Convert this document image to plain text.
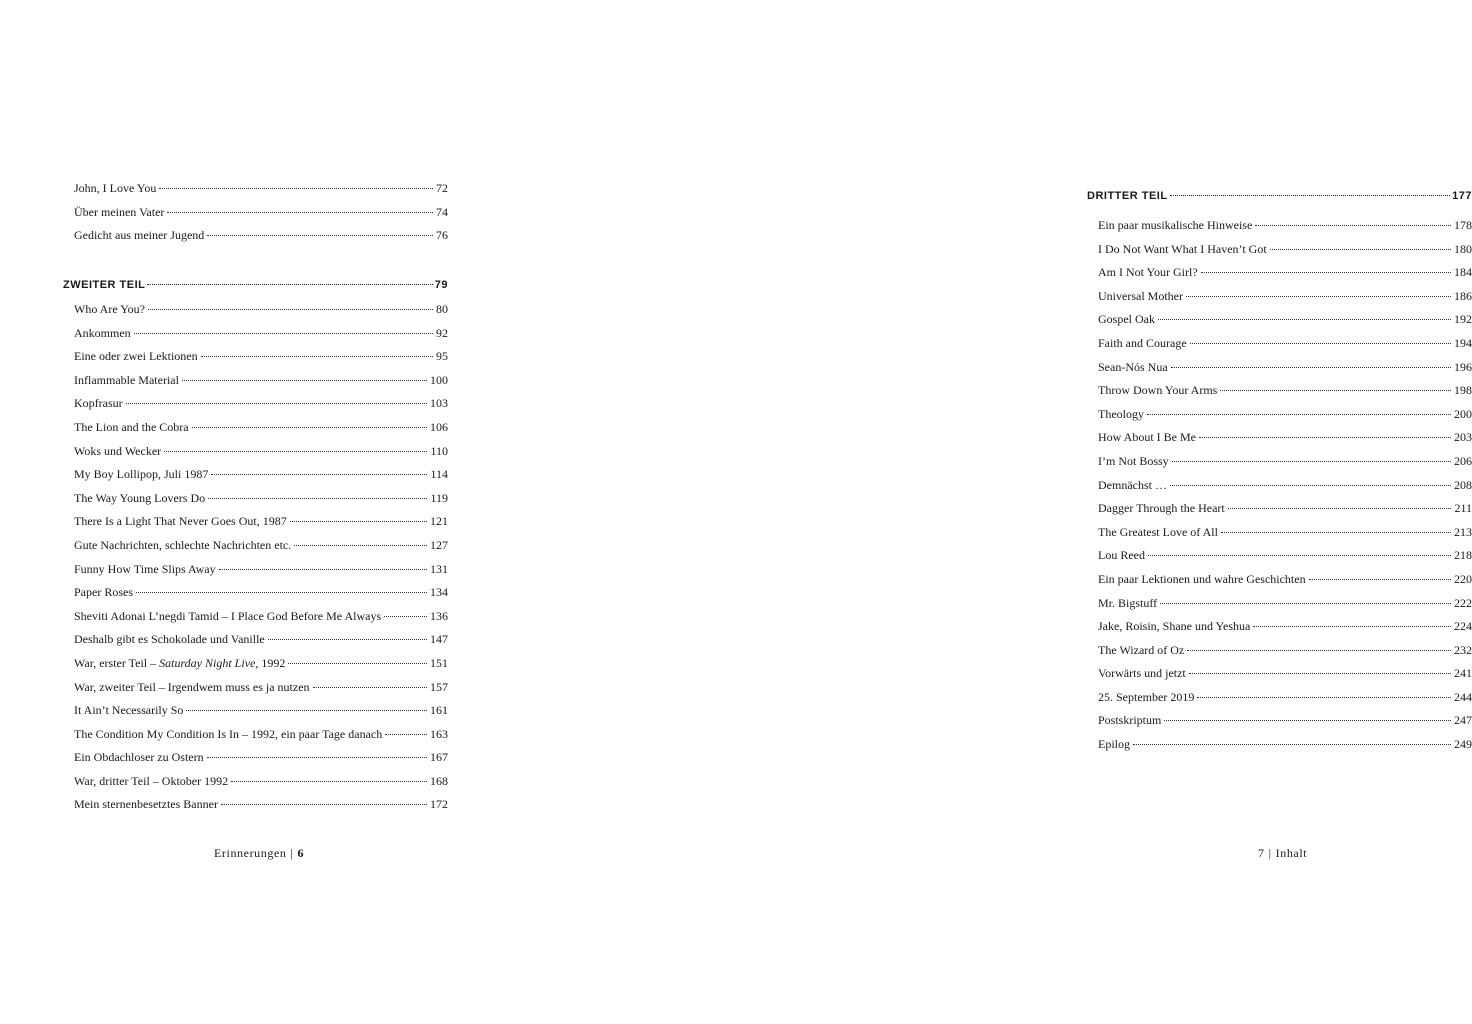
John, I Love You	72
Über meinen Vater	74
Gedicht aus meiner Jugend	76
ZWEITER TEIL	79
Who Are You?	80
Ankommen	92
Eine oder zwei Lektionen	95
Inflammable Material	100
Kopfrasur	103
The Lion and the Cobra	106
Woks und Wecker	110
My Boy Lollipop, Juli 1987	114
The Way Young Lovers Do	119
There Is a Light That Never Goes Out, 1987	121
Gute Nachrichten, schlechte Nachrichten etc.	127
Funny How Time Slips Away	131
Paper Roses	134
Sheviti Adonai L’negdi Tamid – I Place God Before Me Always	136
Deshalb gibt es Schokolade und Vanille	147
War, erster Teil – Saturday Night Live, 1992	151
War, zweiter Teil – Irgendwem muss es ja nutzen	157
It Ain’t Necessarily So	161
The Condition My Condition Is In – 1992, ein paar Tage danach	163
Ein Obdachloser zu Ostern	167
War, dritter Teil – Oktober 1992	168
Mein sternenbesetztes Banner	172
Erinnerungen | 6
DRITTER TEIL	177
Ein paar musikalische Hinweise	178
I Do Not Want What I Haven’t Got	180
Am I Not Your Girl?	184
Universal Mother	186
Gospel Oak	192
Faith and Courage	194
Sean-Nós Nua	196
Throw Down Your Arms	198
Theology	200
How About I Be Me	203
I’m Not Bossy	206
Demnächst …	208
Dagger Through the Heart	211
The Greatest Love of All	213
Lou Reed	218
Ein paar Lektionen und wahre Geschichten	220
Mr. Bigstuff	222
Jake, Roisin, Shane und Yeshua	224
The Wizard of Oz	232
Vorwärts und jetzt	241
25. September 2019	244
Postskriptum	247
Epilog	249
7 | Inhalt
